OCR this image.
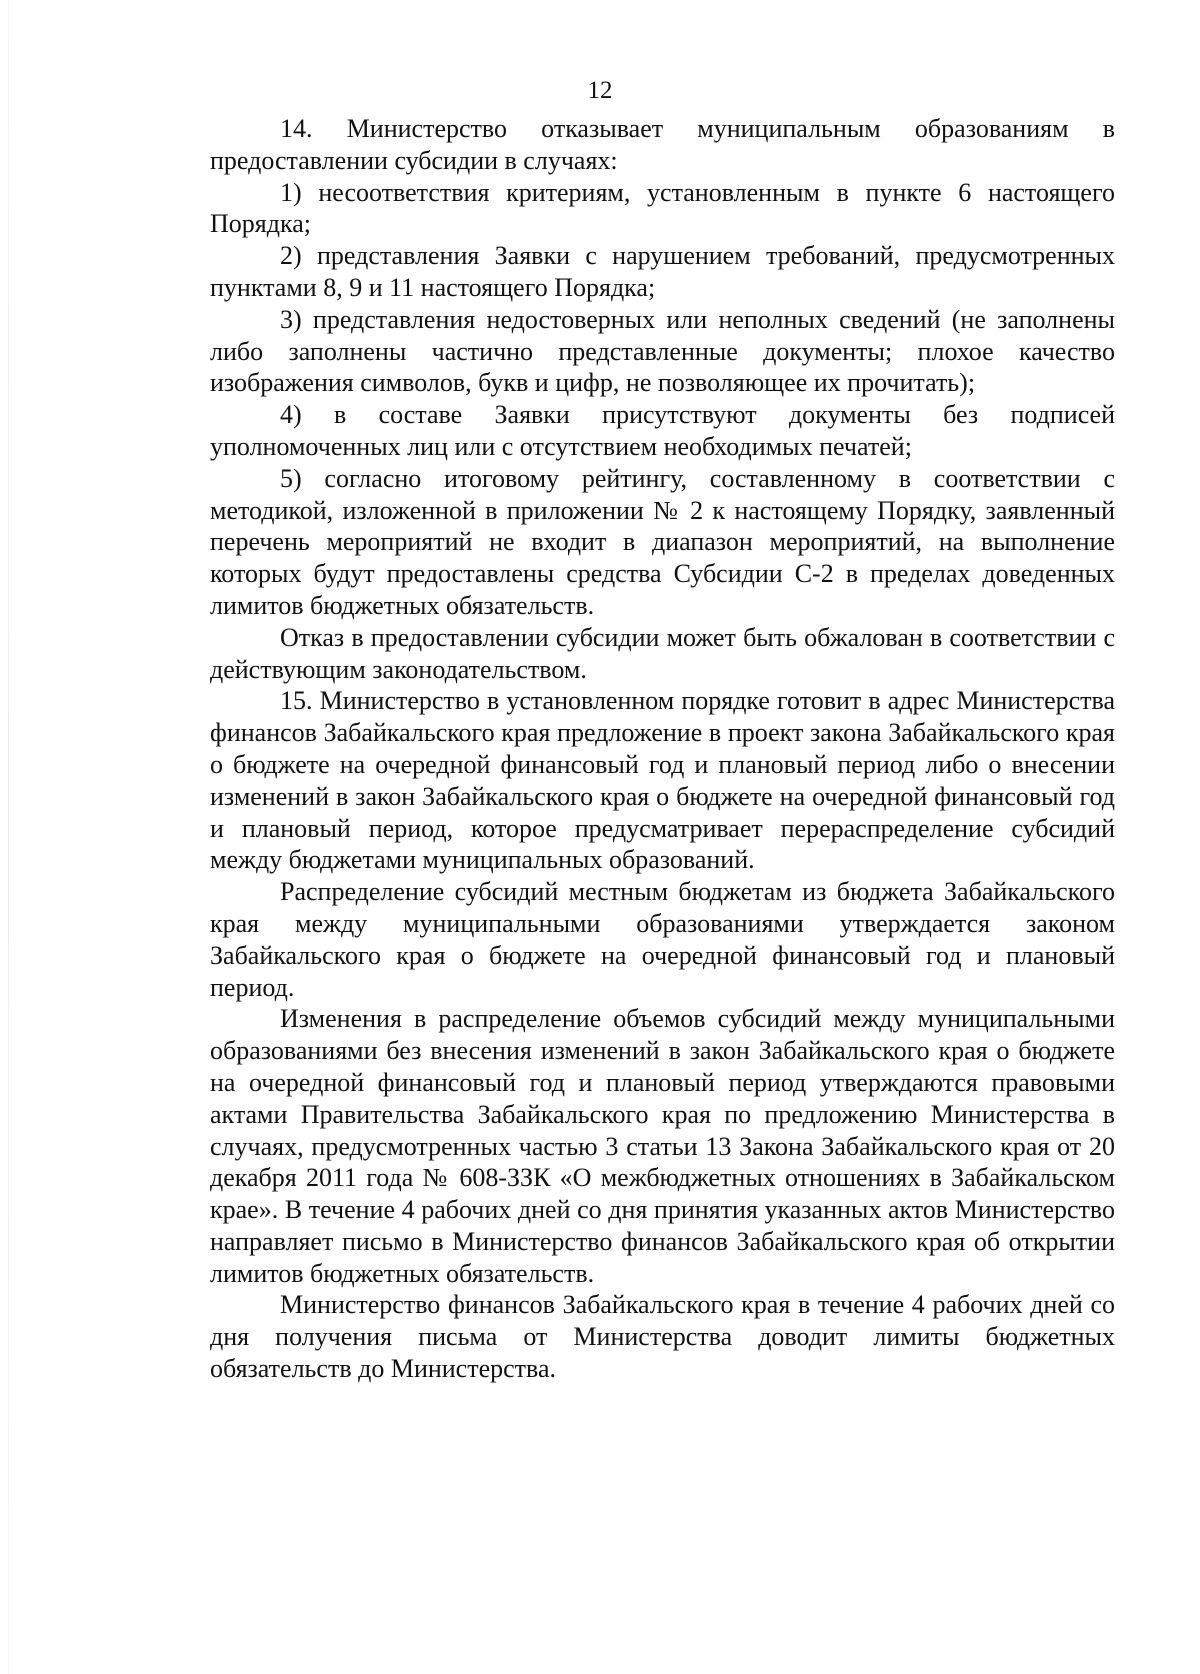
12

14. Министерство отказывает муниципальным образованиям в предоставлении субсидии в случаях:

1) несоответствия критериям, установленным в пункте 6 настоящего Порядка;

2) представления Заявки с нарушением требований, предусмотренных пунктами 8, 9 и 11 настоящего Порядка;

3) представления недостоверных или неполных сведений (не заполнены либо заполнены частично представленные документы; плохое качество изображения символов, букв и цифр, не позволяющее их прочитать);

4) в составе Заявки присутствуют документы без подписей уполномоченных лиц или с отсутствием необходимых печатей;

5) согласно итоговому рейтингу, составленному в соответствии с методикой, изложенной в приложении № 2 к настоящему Порядку, заявленный перечень мероприятий не входит в диапазон мероприятий, на выполнение которых будут предоставлены средства Субсидии С-2 в пределах доведенных лимитов бюджетных обязательств.

Отказ в предоставлении субсидии может быть обжалован в соответствии с действующим законодательством.

15. Министерство в установленном порядке готовит в адрес Министерства финансов Забайкальского края предложение в проект закона Забайкальского края о бюджете на очередной финансовый год и плановый период либо о внесении изменений в закон Забайкальского края о бюджете на очередной финансовый год и плановый период, которое предусматривает перераспределение субсидий между бюджетами муниципальных образований.

Распределение субсидий местным бюджетам из бюджета Забайкальского края между муниципальными образованиями утверждается законом Забайкальского края о бюджете на очередной финансовый год и плановый период.

Изменения в распределение объемов субсидий между муниципальными образованиями без внесения изменений в закон Забайкальского края о бюджете на очередной финансовый год и плановый период утверждаются правовыми актами Правительства Забайкальского края по предложению Министерства в случаях, предусмотренных частью 3 статьи 13 Закона Забайкальского края от 20 декабря 2011 года № 608-ЗЗК «О межбюджетных отношениях в Забайкальском крае». В течение 4 рабочих дней со дня принятия указанных актов Министерство направляет письмо в Министерство финансов Забайкальского края об открытии лимитов бюджетных обязательств.

Министерство финансов Забайкальского края в течение 4 рабочих дней со дня получения письма от Министерства доводит лимиты бюджетных обязательств до Министерства.
